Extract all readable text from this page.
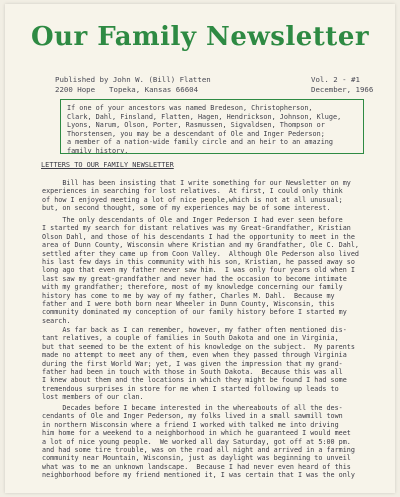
Our Family Newsletter
Published by John W. (Bill) Flatten
2200 Hope Topeka, Kansas 66604
Vol. 2 - #1
December, 1966
If one of your ancestors was named Bredeson, Christopherson,
Clark, Dahl, Finsland, Flatten, Hagen, Hendrickson, Johnson, Kluge,
Lyons, Narum, Olson, Porter, Rasmussen, Sigvaldsen, Thompson or
Thorstensen, you may be a descendant of Ole and Inger Pederson;
a member of a nation-wide family circle and an heir to an amazing
family history.
LETTERS TO OUR FAMILY NEWSLETTER
Bill has been insisting that I write something for our Newsletter on my
experiences in searching for lost relatives.  At first, I could only think
of how I enjoyed meeting a lot of nice people,which is not at all unusual;
but, on second thought, some of my experiences may be of some interest.
The only descendants of Ole and Inger Pederson I had ever seen before
I started my search for distant relatives was my Great-Grandfather, Kristian
Olson Dahl, and those of his descendants I had the opportunity to meet in the
area of Dunn County, Wisconsin where Kristian and my Grandfather, Ole C. Dahl,
settled after they came up from Coon Valley.  Although Ole Pederson also lived
his last few days in this community with his son, Kristian, he passed away so
long ago that even my father never saw him.  I was only four years old when I
last saw my great-grandfather and never had the occasion to become intimate
with my grandfather; therefore, most of my knowledge concerning our family
history has come to me by way of my father, Charles M. Dahl.  Because my
father and I were both born near Wheeler in Dunn County, Wisconsin, this
community dominated my conception of our family history before I started my
search.
As far back as I can remember, however, my father often mentioned dis-
tant relatives, a couple of families in South Dakota and one in Virginia,
but that seemed to be the extent of his knowledge on the subject.  My parents
made no attempt to meet any of them, even when they passed through Virginia
during the first World War; yet, I was given the impression that my grand-
father had been in touch with those in South Dakota.  Because this was all
I knew about them and the locations in which they might be found I had some
tremendous surprises in store for me when I started following up leads to
lost members of our clan.
Decades before I became interested in the whereabouts of all the des-
cendants of Ole and Inger Pederson, my folks lived in a small sawmill town
in northern Wisconsin where a friend I worked with talked me into driving
him home for a weekend to a neighborhood in which he guaranteed I would meet
a lot of nice young people.  We worked all day Saturday, got off at 5:00 pm.
and had some tire trouble, was on the road all night and arrived in a farming
community near Mountain, Wisconsin, just as daylight was beginning to unveil
what was to me an unknown landscape.  Because I had never even heard of this
neighborhood before my friend mentioned it, I was certain that I was the only
